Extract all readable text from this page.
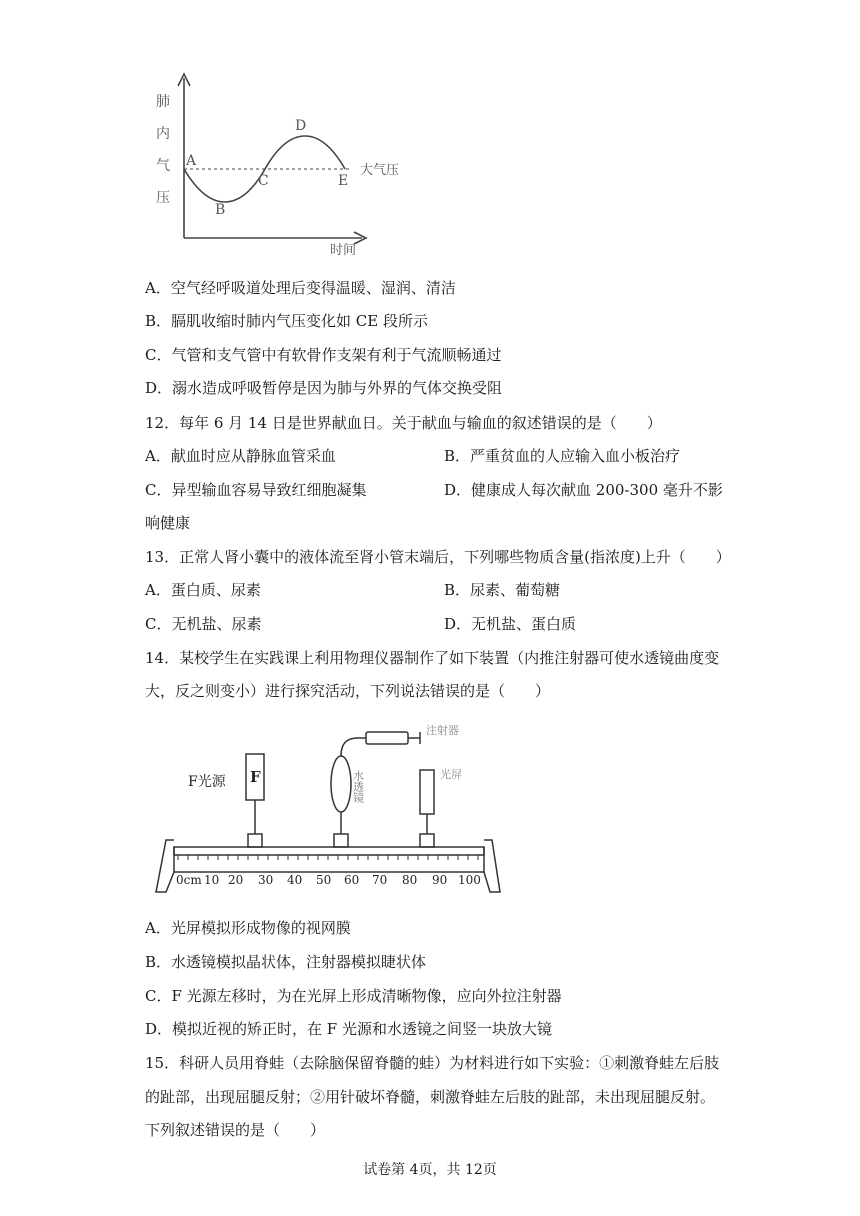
肺
内
气
压
A
B
C
D
E
大气压
时间
A．空气经呼吸道处理后变得温暖、湿润、清洁
B．膈肌收缩时肺内气压变化如 CE 段所示
C．气管和支气管中有软骨作支架有利于气流顺畅通过
D．溺水造成呼吸暂停是因为肺与外界的气体交换受阻
12．每年 6 月 14 日是世界献血日。关于献血与输血的叙述错误的是（　　）
A．献血时应从静脉血管采血	B．严重贫血的人应输入血小板治疗
C．异型输血容易导致红细胞凝集	D．健康成人每次献血 200-300 毫升不影
响健康
13．正常人肾小囊中的液体流至肾小管末端后，下列哪些物质含量(指浓度)上升（　　）
A．蛋白质、尿素	B．尿素、葡萄糖
C．无机盐、尿素	D．无机盐、蛋白质
14．某校学生在实践课上利用物理仪器制作了如下装置（内推注射器可使水透镜曲度变
大，反之则变小）进行探究活动，下列说法错误的是（　　）
F光源 F	水透镜
注射器
光屏
0cm 10 20 30 40 50 60 70 80 90 100
A．光屏模拟形成物像的视网膜
B．水透镜模拟晶状体，注射器模拟睫状体
C．F 光源左移时，为在光屏上形成清晰物像，应向外拉注射器
D．模拟近视的矫正时，在 F 光源和水透镜之间竖一块放大镜
15．科研人员用脊蛙（去除脑保留脊髓的蛙）为材料进行如下实验：①刺激脊蛙左后肢
的趾部，出现屈腿反射；②用针破坏脊髓，刺激脊蛙左后肢的趾部，未出现屈腿反射。
下列叙述错误的是（　　）
试卷第 4页，共 12页
